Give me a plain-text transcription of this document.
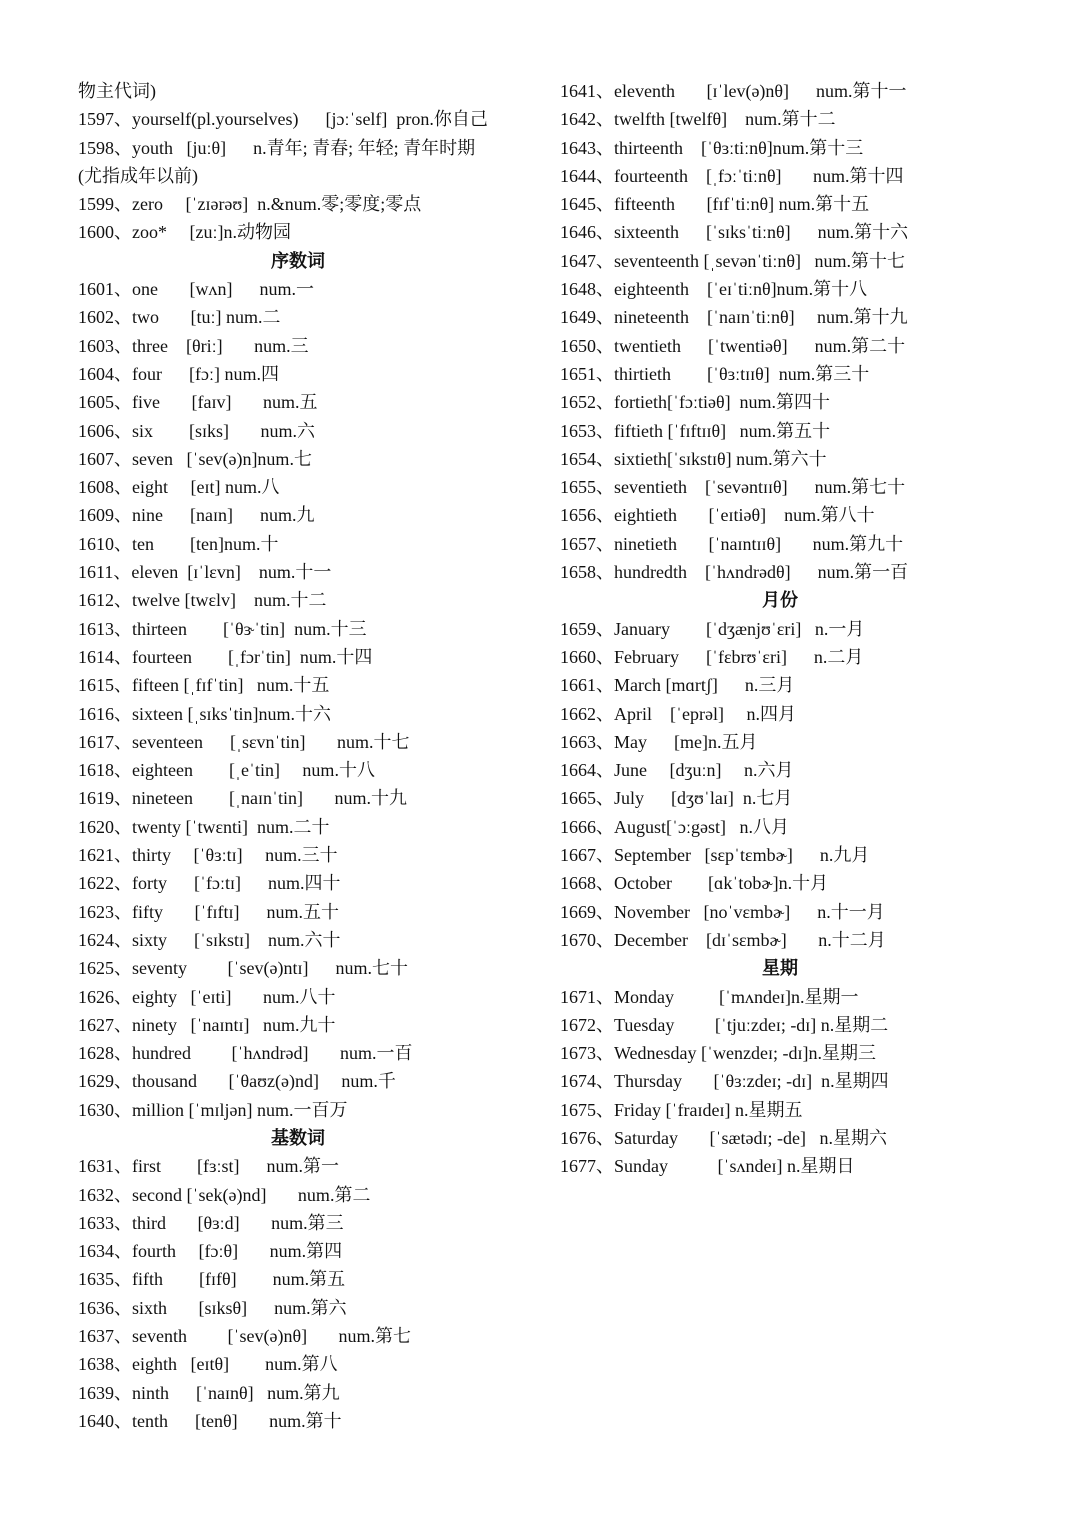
物主代词)
1597、yourself(pl.yourselves)      [jɔːˈself]  pron.你自己
1598、youth   [juːθ]      n.青年; 青春; 年轻; 青年时期
(尤指成年以前)
1599、zero     [ˈzɪərəʊ]  n.&num.零;零度;零点
1600、zoo*     [zuː]n.动物园
序数词
1601、one       [wʌn]      num.一
1602、two       [tuː] num.二
1603、three    [θriː]       num.三
1604、four      [fɔː] num.四
1605、five       [faɪv]       num.五
1606、six        [sɪks]       num.六
1607、seven   [ˈsev(ə)n]num.七
1608、eight     [eɪt] num.八
1609、nine      [naɪn]      num.九
1610、ten        [ten]num.十
1611、eleven  [ɪˈlɛvn]    num.十一
1612、twelve [twɛlv]    num.十二
1613、thirteen        [ˈθɝˈtin]  num.十三
1614、fourteen        [ˌfɔrˈtin]  num.十四
1615、fifteen [ˌfɪfˈtin]   num.十五
1616、sixteen [ˌsɪksˈtin]num.十六
1617、seventeen      [ˌsɛvnˈtin]       num.十七
1618、eighteen        [ˌeˈtin]     num.十八
1619、nineteen        [ˌnaɪnˈtin]       num.十九
1620、twenty [ˈtwɛnti]  num.二十
1621、thirty     [ˈθɜːtɪ]     num.三十
1622、forty      [ˈfɔːtɪ]      num.四十
1623、fifty       [ˈfɪftɪ]      num.五十
1624、sixty      [ˈsɪkstɪ]    num.六十
1625、seventy         [ˈsev(ə)ntɪ]      num.七十
1626、eighty   [ˈeɪti]       num.八十
1627、ninety   [ˈnaɪntɪ]   num.九十
1628、hundred         [ˈhʌndrəd]       num.一百
1629、thousand       [ˈθaʊz(ə)nd]     num.千
1630、million [ˈmɪljən] num.一百万
基数词
1631、first        [fɜːst]      num.第一
1632、second [ˈsek(ə)nd]       num.第二
1633、third       [θɜːd]       num.第三
1634、fourth     [fɔːθ]       num.第四
1635、fifth        [fɪfθ]        num.第五
1636、sixth       [sɪksθ]      num.第六
1637、seventh         [ˈsev(ə)nθ]       num.第七
1638、eighth   [eɪtθ]        num.第八
1639、ninth      [ˈnaɪnθ]   num.第九
1640、tenth      [tenθ]       num.第十
1641、eleventh       [ɪˈlev(ə)nθ]      num.第十一
1642、twelfth [twelfθ]    num.第十二
1643、thirteenth    [ˈθɜːtiːnθ]num.第十三
1644、fourteenth    [ˌfɔːˈtiːnθ]       num.第十四
1645、fifteenth       [fɪfˈtiːnθ] num.第十五
1646、sixteenth      [ˈsɪksˈtiːnθ]      num.第十六
1647、seventeenth [ˌsevənˈtiːnθ]   num.第十七
1648、eighteenth    [ˈeɪˈtiːnθ]num.第十八
1649、nineteenth    [ˈnaɪnˈtiːnθ]     num.第十九
1650、twentieth      [ˈtwentiəθ]      num.第二十
1651、thirtieth        [ˈθɜːtɪɪθ]  num.第三十
1652、fortieth[ˈfɔːtiəθ]  num.第四十
1653、fiftieth [ˈfɪftɪɪθ]   num.第五十
1654、sixtieth[ˈsɪkstɪθ] num.第六十
1655、seventieth    [ˈsevəntɪɪθ]      num.第七十
1656、eightieth       [ˈeɪtiəθ]    num.第八十
1657、ninetieth       [ˈnaɪntɪɪθ]       num.第九十
1658、hundredth    [ˈhʌndrədθ]      num.第一百
月份
1659、January        [ˈdʒænjʊˈɛri]   n.一月
1660、February      [ˈfɛbrʊˈɛri]      n.二月
1661、March [mɑrtʃ]      n.三月
1662、April    [ˈeprəl]     n.四月
1663、May      [me]n.五月
1664、June     [dʒuːn]     n.六月
1665、July      [dʒʊˈlaɪ]  n.七月
1666、August[ˈɔːgəst]   n.八月
1667、September   [sɛpˈtɛmbɚ]      n.九月
1668、October        [ɑkˈtobɚ]n.十月
1669、November   [noˈvɛmbɚ]      n.十一月
1670、December    [dɪˈsɛmbɚ]       n.十二月
星期
1671、Monday          [ˈmʌndeɪ]n.星期一
1672、Tuesday         [ˈtjuːzdeɪ; -dɪ] n.星期二
1673、Wednesday [ˈwenzdeɪ; -dɪ]n.星期三
1674、Thursday       [ˈθɜːzdeɪ; -dɪ]  n.星期四
1675、Friday [ˈfraɪdeɪ] n.星期五
1676、Saturday       [ˈsætədɪ; -de]   n.星期六
1677、Sunday           [ˈsʌndeɪ] n.星期日
